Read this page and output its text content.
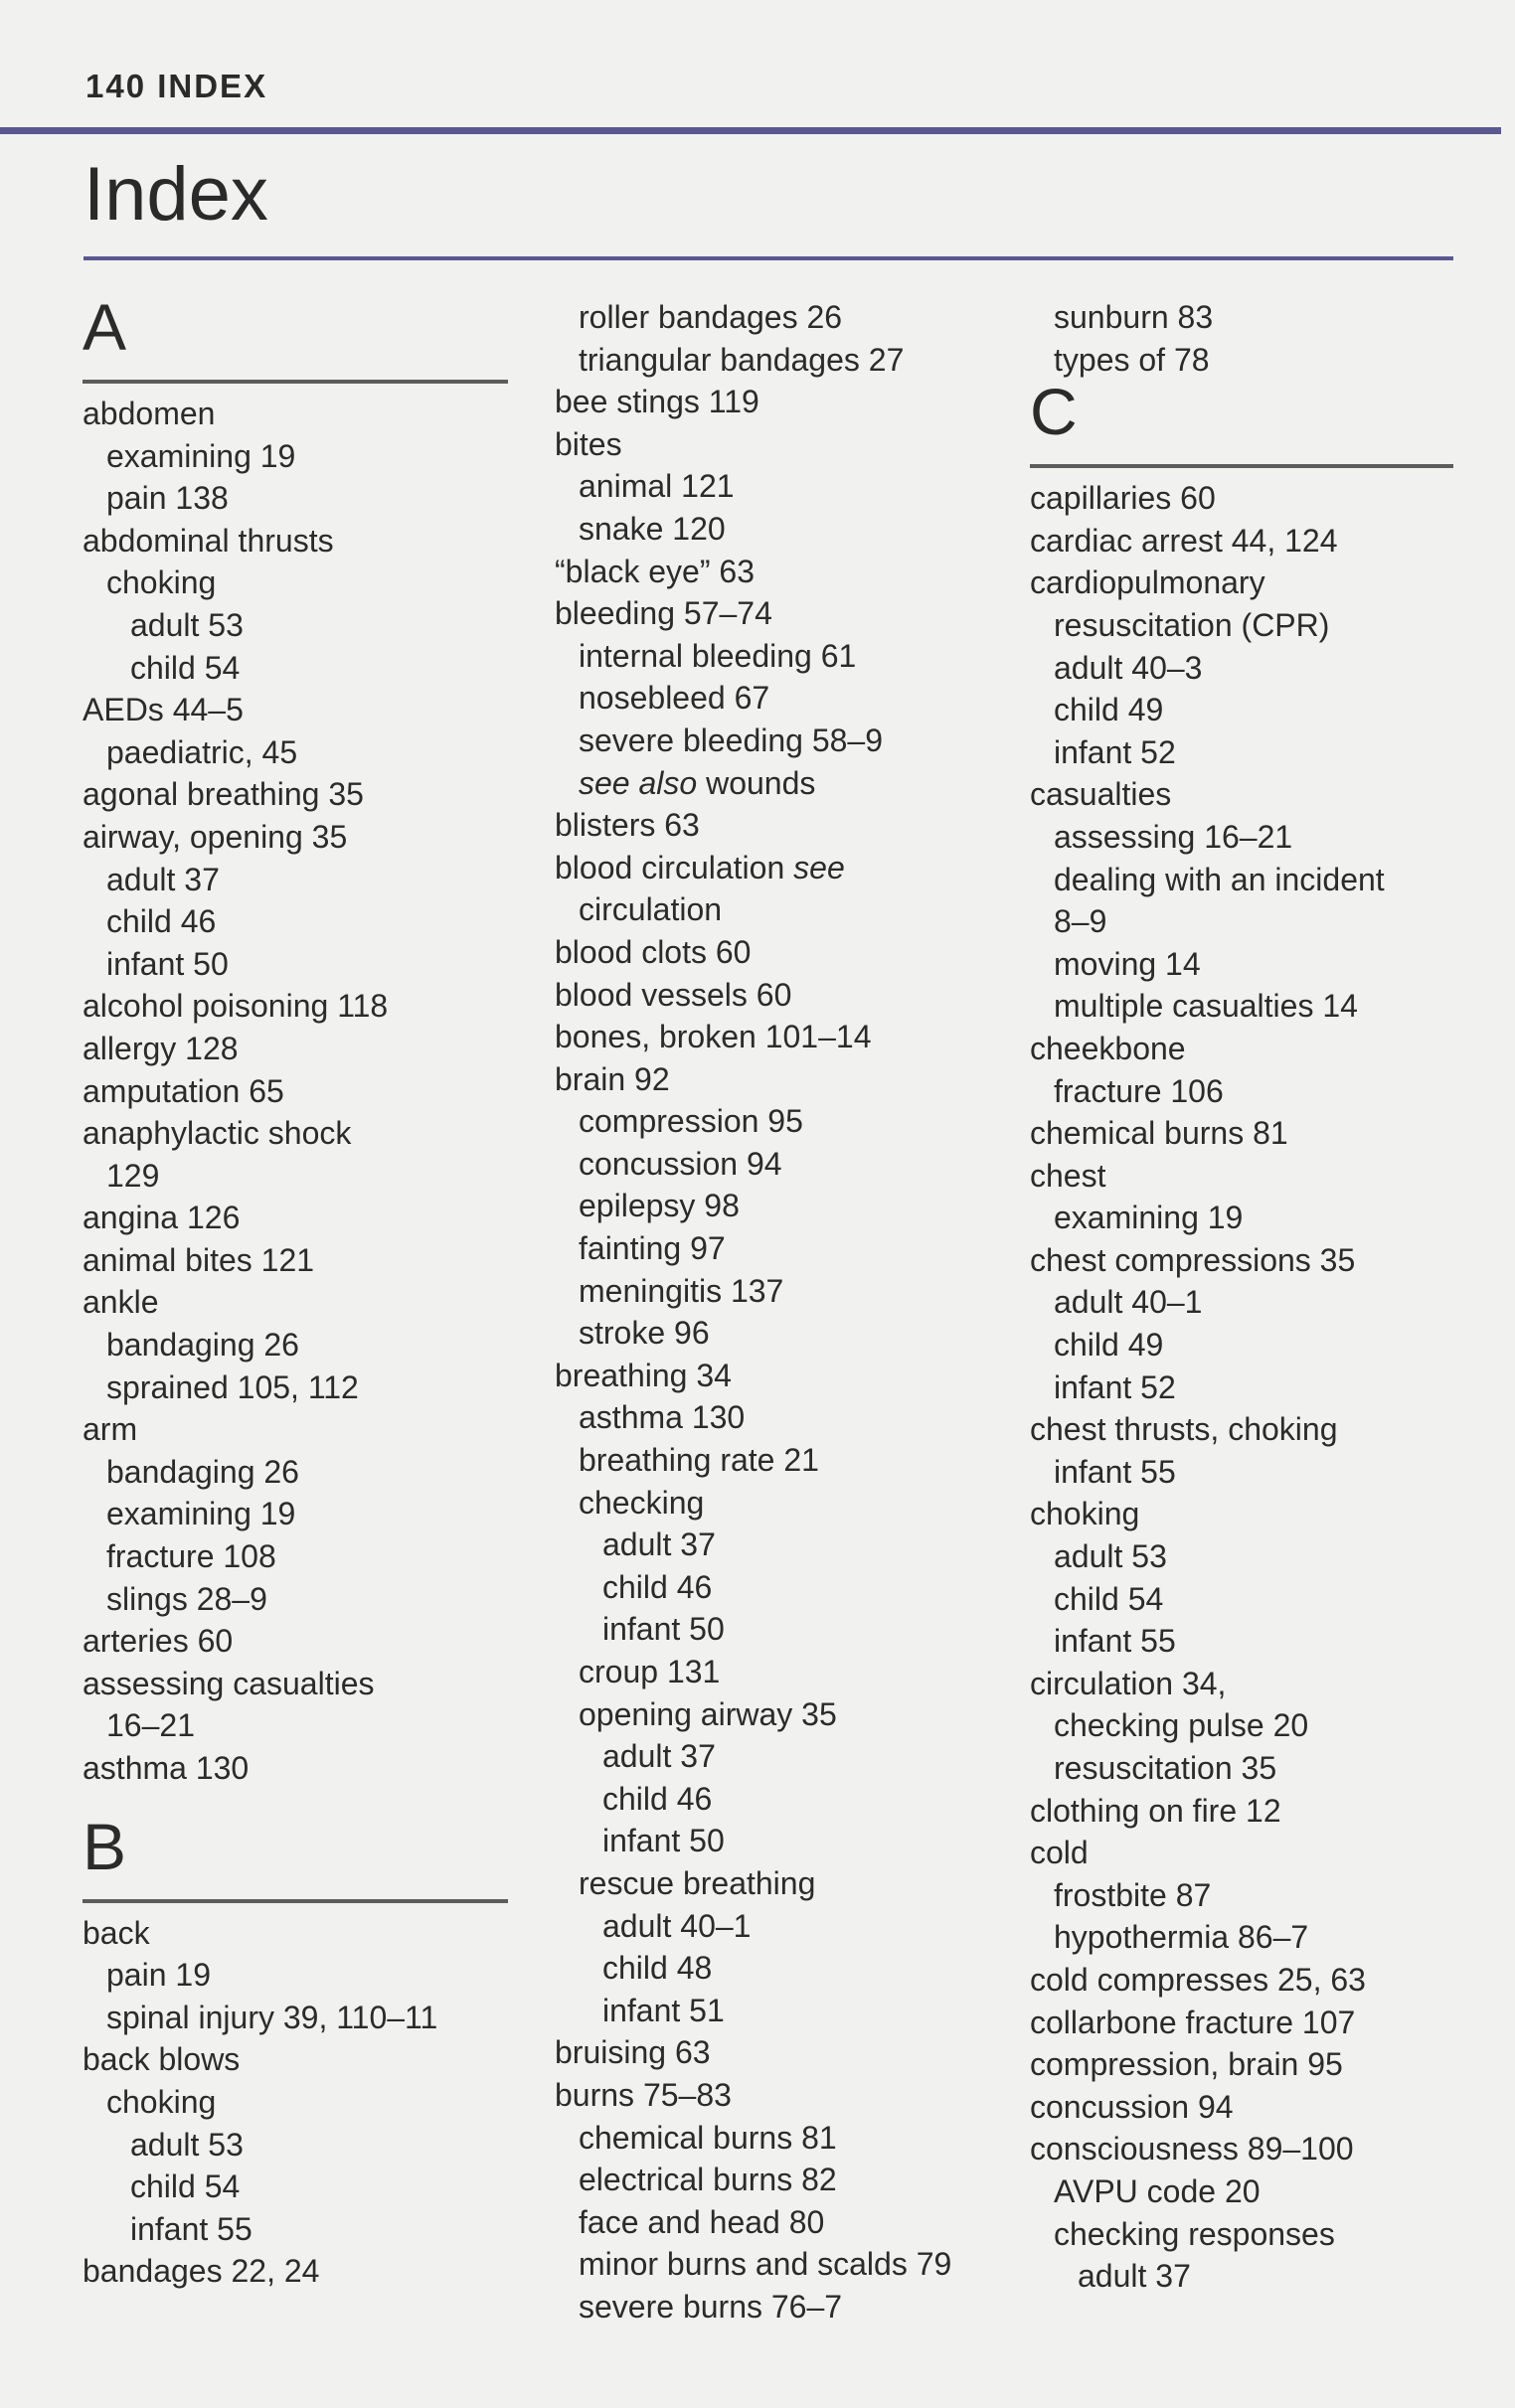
140 INDEX
Index
A
abdomen
examining 19
pain 138
abdominal thrusts
choking
adult 53
child 54
AEDs 44–5
paediatric, 45
agonal breathing 35
airway, opening 35
adult 37
child 46
infant 50
alcohol poisoning 118
allergy 128
amputation 65
anaphylactic shock
129
angina 126
animal bites 121
ankle
bandaging 26
sprained 105, 112
arm
bandaging 26
examining 19
fracture 108
slings 28–9
arteries 60
assessing casualties
16–21
asthma 130
B
back
pain 19
spinal injury 39, 110–11
back blows
choking
adult 53
child 54
infant 55
bandages 22, 24
roller bandages 26
triangular bandages 27
bee stings 119
bites
animal 121
snake 120
“black eye” 63
bleeding 57–74
internal bleeding 61
nosebleed 67
severe bleeding 58–9
see also wounds
blisters 63
blood circulation see
circulation
blood clots 60
blood vessels 60
bones, broken 101–14
brain 92
compression 95
concussion 94
epilepsy 98
fainting 97
meningitis 137
stroke 96
breathing 34
asthma 130
breathing rate 21
checking
adult 37
child 46
infant 50
croup 131
opening airway 35
adult 37
child 46
infant 50
rescue breathing
adult 40–1
child 48
infant 51
bruising 63
burns 75–83
chemical burns 81
electrical burns 82
face and head 80
minor burns and scalds 79
severe burns 76–7
sunburn 83
types of 78
C
capillaries 60
cardiac arrest 44, 124
cardiopulmonary
resuscitation (CPR)
adult 40–3
child 49
infant 52
casualties
assessing 16–21
dealing with an incident
8–9
moving 14
multiple casualties 14
cheekbone
fracture 106
chemical burns 81
chest
examining 19
chest compressions 35
adult 40–1
child 49
infant 52
chest thrusts, choking
infant 55
choking
adult 53
child 54
infant 55
circulation 34,
checking pulse 20
resuscitation 35
clothing on fire 12
cold
frostbite 87
hypothermia 86–7
cold compresses 25, 63
collarbone fracture 107
compression, brain 95
concussion 94
consciousness 89–100
AVPU code 20
checking responses
adult 37
